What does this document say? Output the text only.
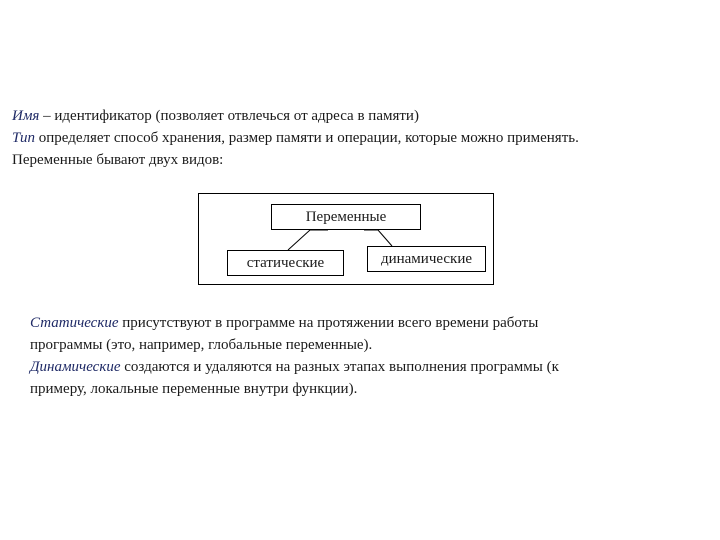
Имя – идентификатор (позволяет отвлечься от адреса в памяти)
Тип определяет способ хранения, размер памяти и операции, которые можно применять.
Переменные бывают двух видов:
Переменные
статические	динамические
Статические присутствуют в программе на протяжении всего времени работы
программы (это, например, глобальные переменные).
Динамические создаются и удаляются на разных этапах выполнения программы (к
примеру, локальные переменные внутри функции).
